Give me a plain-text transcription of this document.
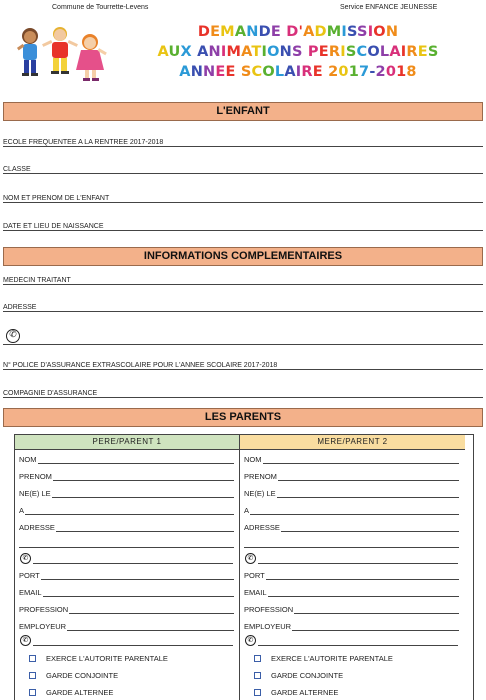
Commune de Tourrette-Levens	Service ENFANCE JEUNESSE
DEMANDE D'ADMISSION
AUX ANIMATIONS PERISCOLAIRES
ANNEE SCOLAIRE 2017-2018
L'ENFANT
ECOLE FREQUENTEE A LA RENTREE 2017-2018
CLASSE
NOM ET PRENOM DE L'ENFANT
DATE ET LIEU DE NAISSANCE
INFORMATIONS COMPLEMENTAIRES
MEDECIN TRAITANT
ADRESSE
✆
N° POLICE D'ASSURANCE EXTRASCOLAIRE POUR L'ANNEE SCOLAIRE 2017-2018
COMPAGNIE D'ASSURANCE
LES PARENTS
PERE/PARENT 1
NOM
PRENOM
NE(E) LE
A
ADRESSE
✆
PORT
EMAIL
PROFESSION
EMPLOYEUR
✆
EXERCE L'AUTORITE PARENTALE
GARDE CONJOINTE
GARDE ALTERNEE
MERE/PARENT 2
NOM
PRENOM
NE(E) LE
A
ADRESSE
✆
PORT
EMAIL
PROFESSION
EMPLOYEUR
✆
EXERCE L'AUTORITE PARENTALE
GARDE CONJOINTE
GARDE ALTERNEE
